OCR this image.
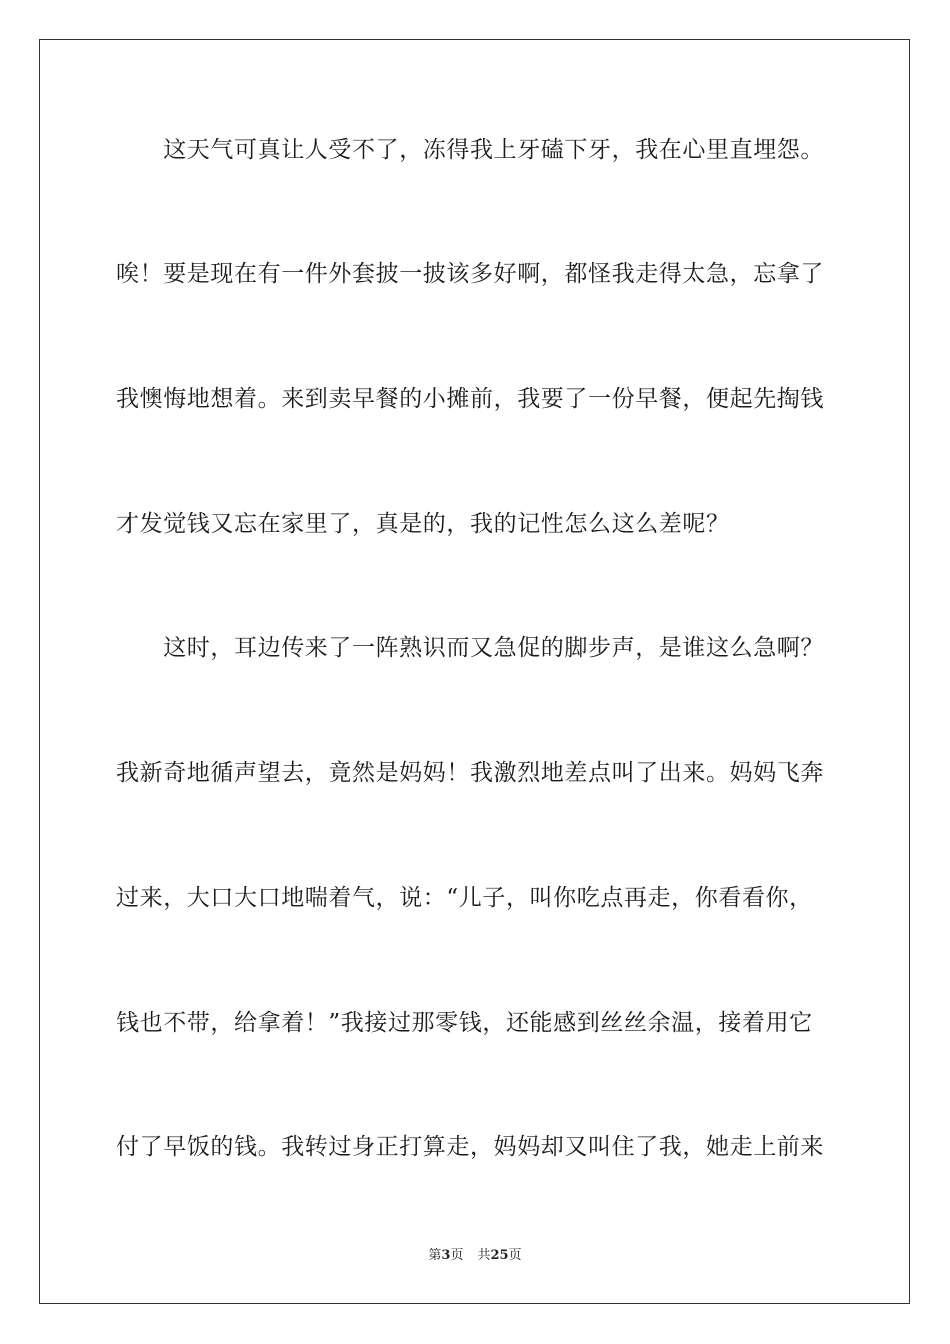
　　这天气可真让人受不了，冻得我上牙磕下牙，我在心里直埋怨。
唉！要是现在有一件外套披一披该多好啊，都怪我走得太急，忘拿了
我懊悔地想着。来到卖早餐的小摊前，我要了一份早餐，便起先掏钱
才发觉钱又忘在家里了，真是的，我的记性怎么这么差呢？
　　这时，耳边传来了一阵熟识而又急促的脚步声，是谁这么急啊？
我新奇地循声望去，竟然是妈妈！我激烈地差点叫了出来。妈妈飞奔
过来，大口大口地喘着气，说：“儿子，叫你吃点再走，你看看你，
钱也不带，给拿着！”我接过那零钱，还能感到丝丝余温，接着用它
付了早饭的钱。我转过身正打算走，妈妈却又叫住了我，她走上前来
第3页 共25页
